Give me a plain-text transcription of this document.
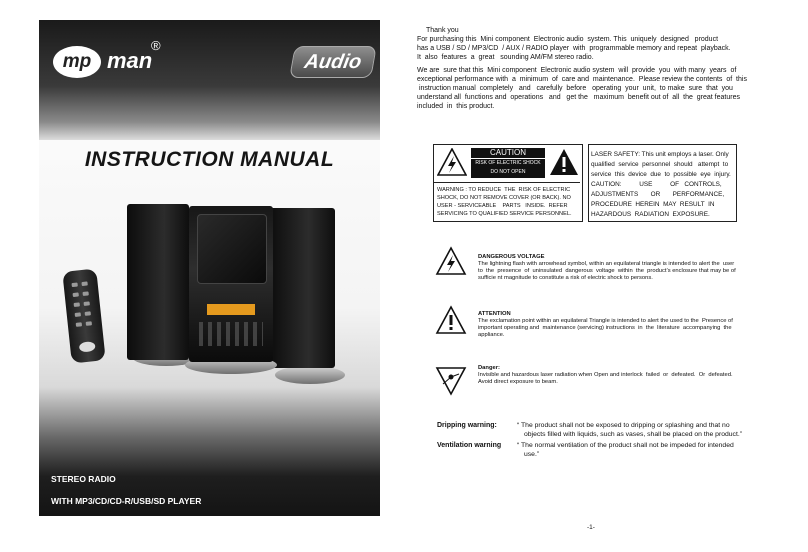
mp man
®
Audio
INSTRUCTION MANUAL
STEREO RADIO
WITH MP3/CD/CD-R/USB/SD PLAYER

Thank you

For purchasing this  Mini component  Electronic audio  system. This  uniquely  designed   product

has a USB / SD / MP3/CD  / AUX / RADIO player  with  programmable memory and repeat  playback.

It  also  features  a  great   sounding AM/FM stereo radio.

We are  sure that this  Mini component  Electronic audio system  will  provide  you  with many  years  of

exceptional performance with  a  minimum  of  care and  maintenance.  Please review the contents  of  this

instruction manual  completely   and   carefully  before   operating  your  unit,  to make  sure  that  you

understand all  functions and  operations   and   get the   maximum  benefit out of  all  the  great features

included  in  this product.

CAUTION
RISK OF ELECTRIC SHOCK
DO NOT OPEN

WARNING : TO REDUCE  THE  RISK OF ELECTRIC

SHOCK, DO NOT REMOVE COVER (OR BACK). NO

USER - SERVICEABLE    PARTS   INSIDE.  REFER

SERVICING TO QUALIFIED SERVICE PERSONNEL.

LASER SAFETY: This unit employs a laser. Only

qualified  service  personnel  should   attempt  to

service  this  device  due  to  possible  eye  injury.

CAUTION:          USE          OF   CONTROLS,

ADJUSTMENTS       OR       PERFORMANCE,

PROCEDURE  HEREIN  MAY  RESULT  IN

HAZARDOUS  RADIATION  EXPOSURE.

DANGEROUS VOLTAGE

The lightning flash with arrowhead symbol, within an equilateral triangle is intended to alert the  user

to  the  presence  of  uninsulated  dangerous  voltage  within  the  product’s enclosure that may be of

sufficie nt magnitude to constitute a risk of electric shock to persons.

ATTENTION

The exclamation point within an equilateral Triangle is intended to alert the used to the  Presence of

important operating and  maintenance (servicing) instructions  in  the  literature  accompanying  the

appliance.

Danger:

Invisible and hazardous laser radiation when Open and interlock  failed  or  defeated.  Or  defeated.

Avoid direct exposure to beam.

Dripping warning:	“ The product shall not be exposed to dripping or splashing and that no

objects filled with liquids, such as vases, shall be placed on the product.”

Ventilation warning “ The normal ventilation of the product shall not be impeded for intended

use.”

-1-
